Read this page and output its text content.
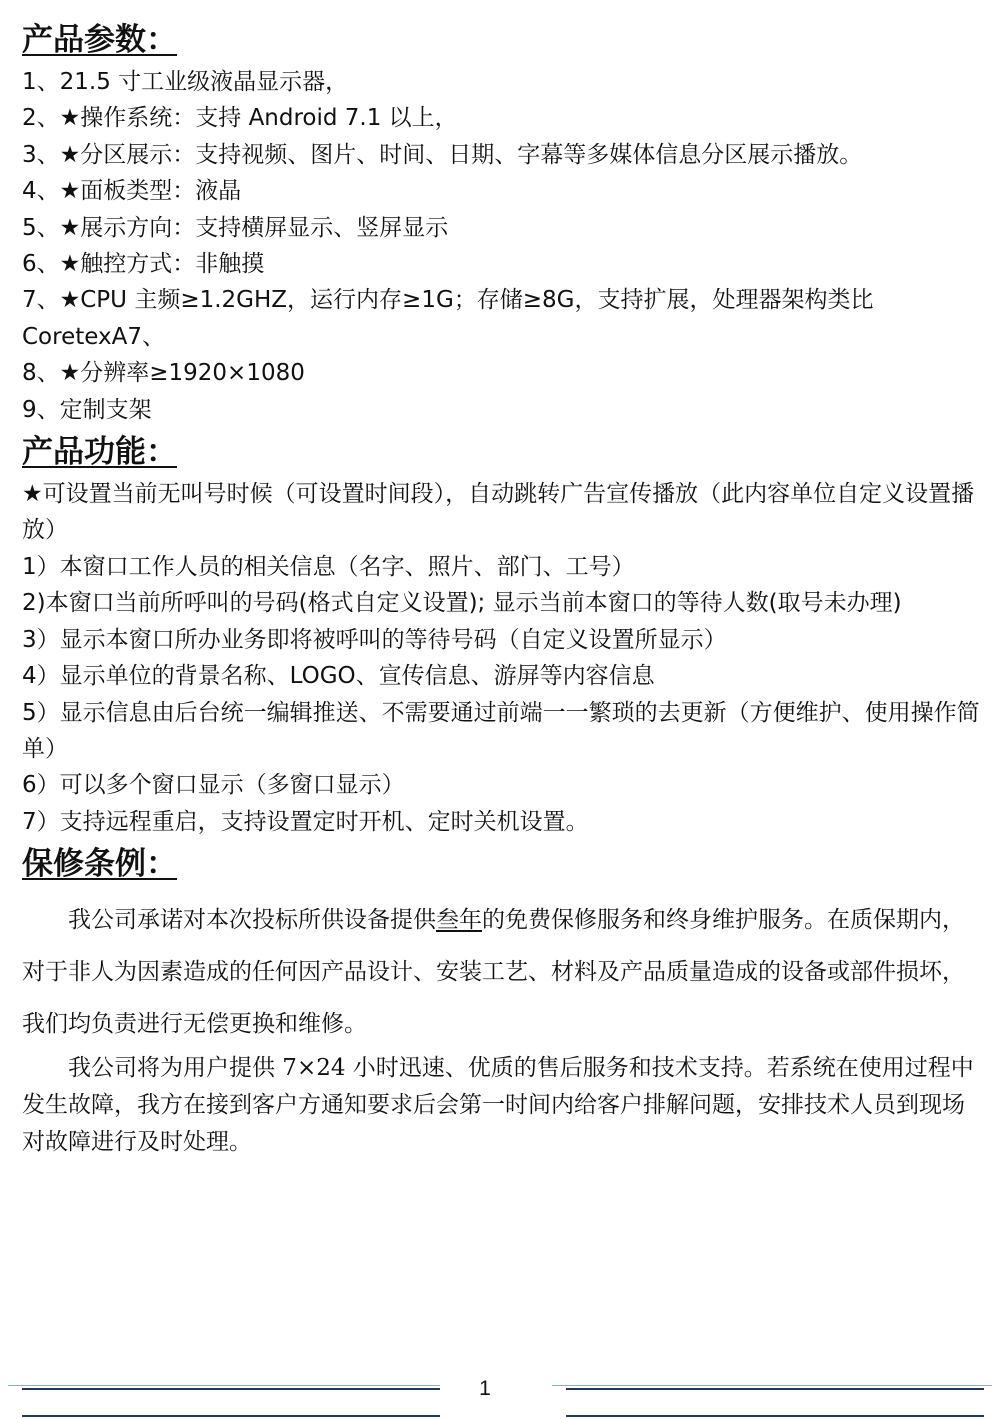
产品参数：
1、21.5 寸工业级液晶显示器，
2、★操作系统：支持 Android 7.1 以上，
3、★分区展示：支持视频、图片、时间、日期、字幕等多媒体信息分区展示播放。
4、★面板类型：液晶
5、★展示方向：支持横屏显示、竖屏显示
6、★触控方式：非触摸
7、★CPU 主频≥1.2GHZ，运行内存≥1G；存储≥8G，支持扩展，处理器架构类比 CoretexA7、
8、★分辨率≥1920×1080
9、定制支架
产品功能：
★可设置当前无叫号时候（可设置时间段），自动跳转广告宣传播放（此内容单位自定义设置播放）
1）本窗口工作人员的相关信息（名字、照片、部门、工号）
2)本窗口当前所呼叫的号码(格式自定义设置); 显示当前本窗口的等待人数(取号未办理)
3）显示本窗口所办业务即将被呼叫的等待号码（自定义设置所显示）
4）显示单位的背景名称、LOGO、宣传信息、游屏等内容信息
5）显示信息由后台统一编辑推送、不需要通过前端一一繁琐的去更新（方便维护、使用操作简单）
6）可以多个窗口显示（多窗口显示）
7）支持远程重启，支持设置定时开机、定时关机设置。
保修条例：

我公司承诺对本次投标所供设备提供叁年的免费保修服务和终身维护服务。在质保期内，对于非人为因素造成的任何因产品设计、安装工艺、材料及产品质量造成的设备或部件损坏，我们均负责进行无偿更换和维修。

我公司将为用户提供 7×24 小时迅速、优质的售后服务和技术支持。若系统在使用过程中发生故障，我方在接到客户方通知要求后会第一时间内给客户排解问题，安排技术人员到现场对故障进行及时处理。

1
